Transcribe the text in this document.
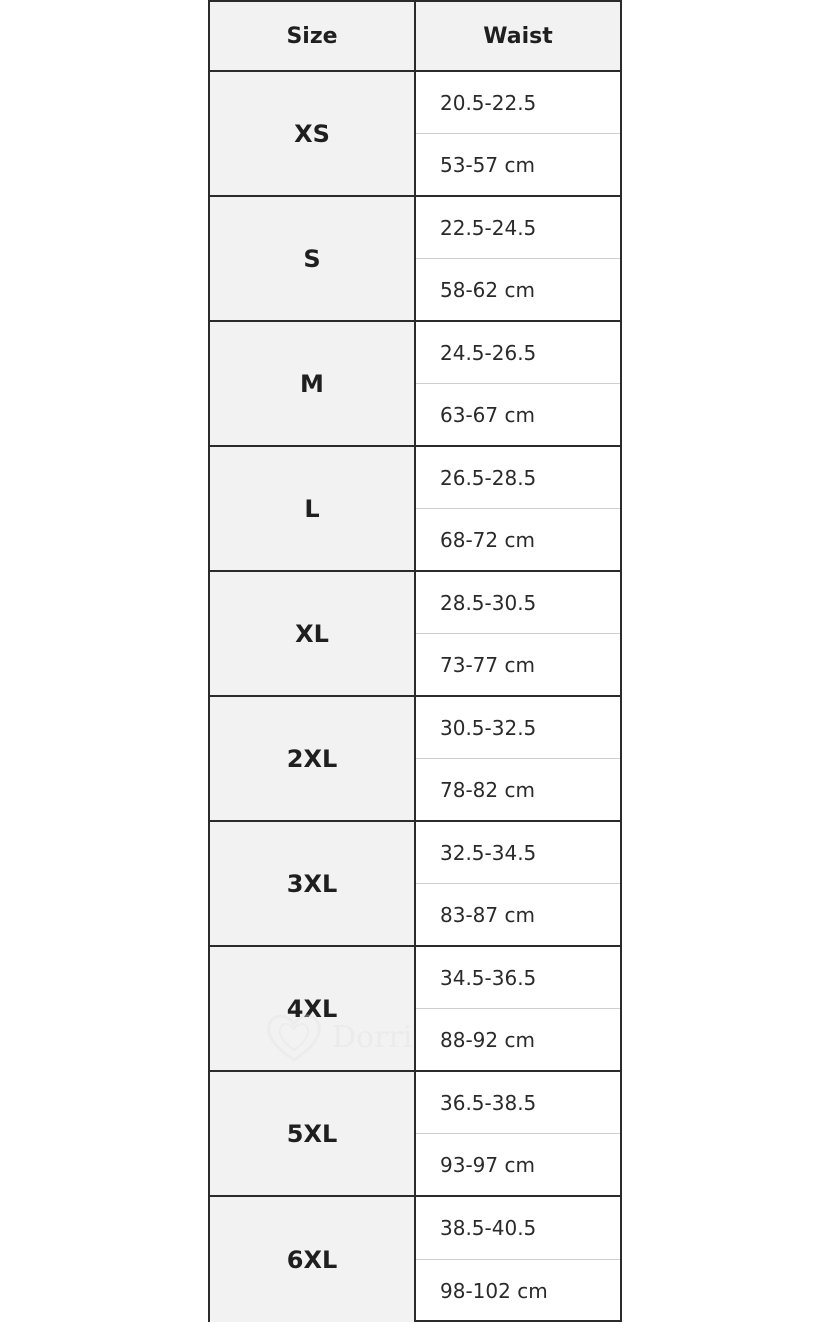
Size	Waist
XS
20.5-22.5
53-57 cm
S
22.5-24.5
58-62 cm
M
24.5-26.5
63-67 cm
L
26.5-28.5
68-72 cm
XL
28.5-30.5
73-77 cm
2XL
30.5-32.5
78-82 cm
3XL
32.5-34.5
83-87 cm
4XL
34.5-36.5
88-92 cm
5XL
36.5-38.5
93-97 cm
6XL
38.5-40.5
98-102 cm
Dorri
